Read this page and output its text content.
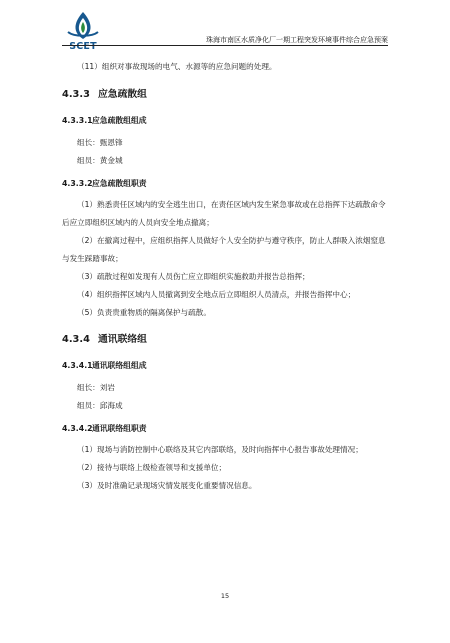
SCET
珠海市南区水质净化厂一期工程突发环境事件综合应急预案

（11）组织对事故现场的电气、水源等的应急问题的处理。

4.3.3 应急疏散组
4.3.3.1应急疏散组组成

组长：甄恩锋

组员：黄金城

4.3.3.2应急疏散组职责

（1）熟悉责任区域内的安全逃生出口，在责任区域内发生紧急事故或在总指挥下达疏散命令后应立即组织区域内的人员向安全地点撤离；

（2）在撤离过程中，应组织指挥人员做好个人安全防护与遵守秩序，防止人群吸入浓烟窒息与发生踩踏事故；

（3）疏散过程如发现有人员伤亡应立即组织实施救助并报告总指挥；

（4）组织指挥区域内人员撤离到安全地点后立即组织人员清点，并报告指挥中心；

（5）负责贵重物质的隔离保护与疏散。

4.3.4 通讯联络组
4.3.4.1通讯联络组组成

组长：刘岩

组员：邱海成

4.3.4.2通讯联络组职责

（1）现场与消防控制中心联络及其它内部联络，及时向指挥中心报告事故处理情况；

（2）接待与联络上级检查领导和支援单位；

（3）及时准确记录现场灾情发展变化重要情况信息。

15
